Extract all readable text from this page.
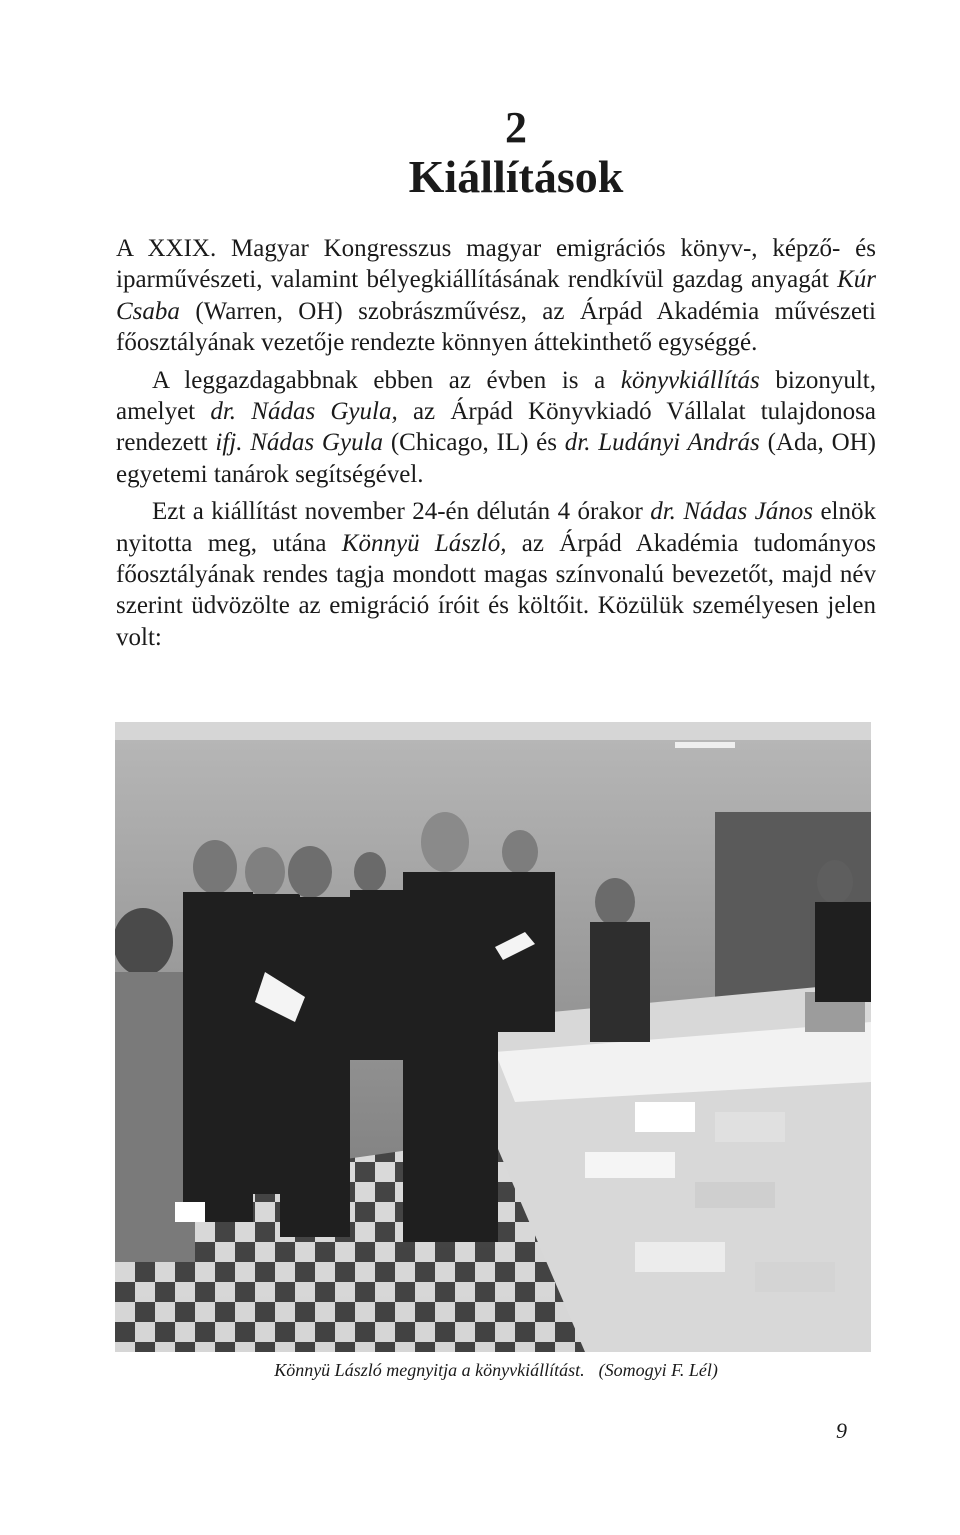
2
Kiállítások

A XXIX. Magyar Kongresszus magyar emigrációs könyv-, képző- és iparművészeti, valamint bélyegkiállításának rendkívül gazdag anyagát Kúr Csaba (Warren, OH) szobrászművész, az Árpád Akadémia művészeti főosztályának vezetője rendezte könnyen áttekinthető egységgé.

A leggazdagabbnak ebben az évben is a könyvkiállítás bizonyult, amelyet dr. Nádas Gyula, az Árpád Könyvkiadó Vállalat tulajdonosa rendezett ifj. Nádas Gyula (Chicago, IL) és dr. Ludányi András (Ada, OH) egyetemi tanárok segítségével.

Ezt a kiállítást november 24-én délután 4 órakor dr. Nádas János elnök nyitotta meg, utána Könnyü László, az Árpád Akadémia tudományos főosztályának rendes tagja mondott magas színvonalú bevezetőt, majd név szerint üdvözölte az emigráció íróit és költőit. Közülük személyesen jelen volt:

Könnyü László megnyitja a könyvkiállítást. (Somogyi F. Lél)
9
